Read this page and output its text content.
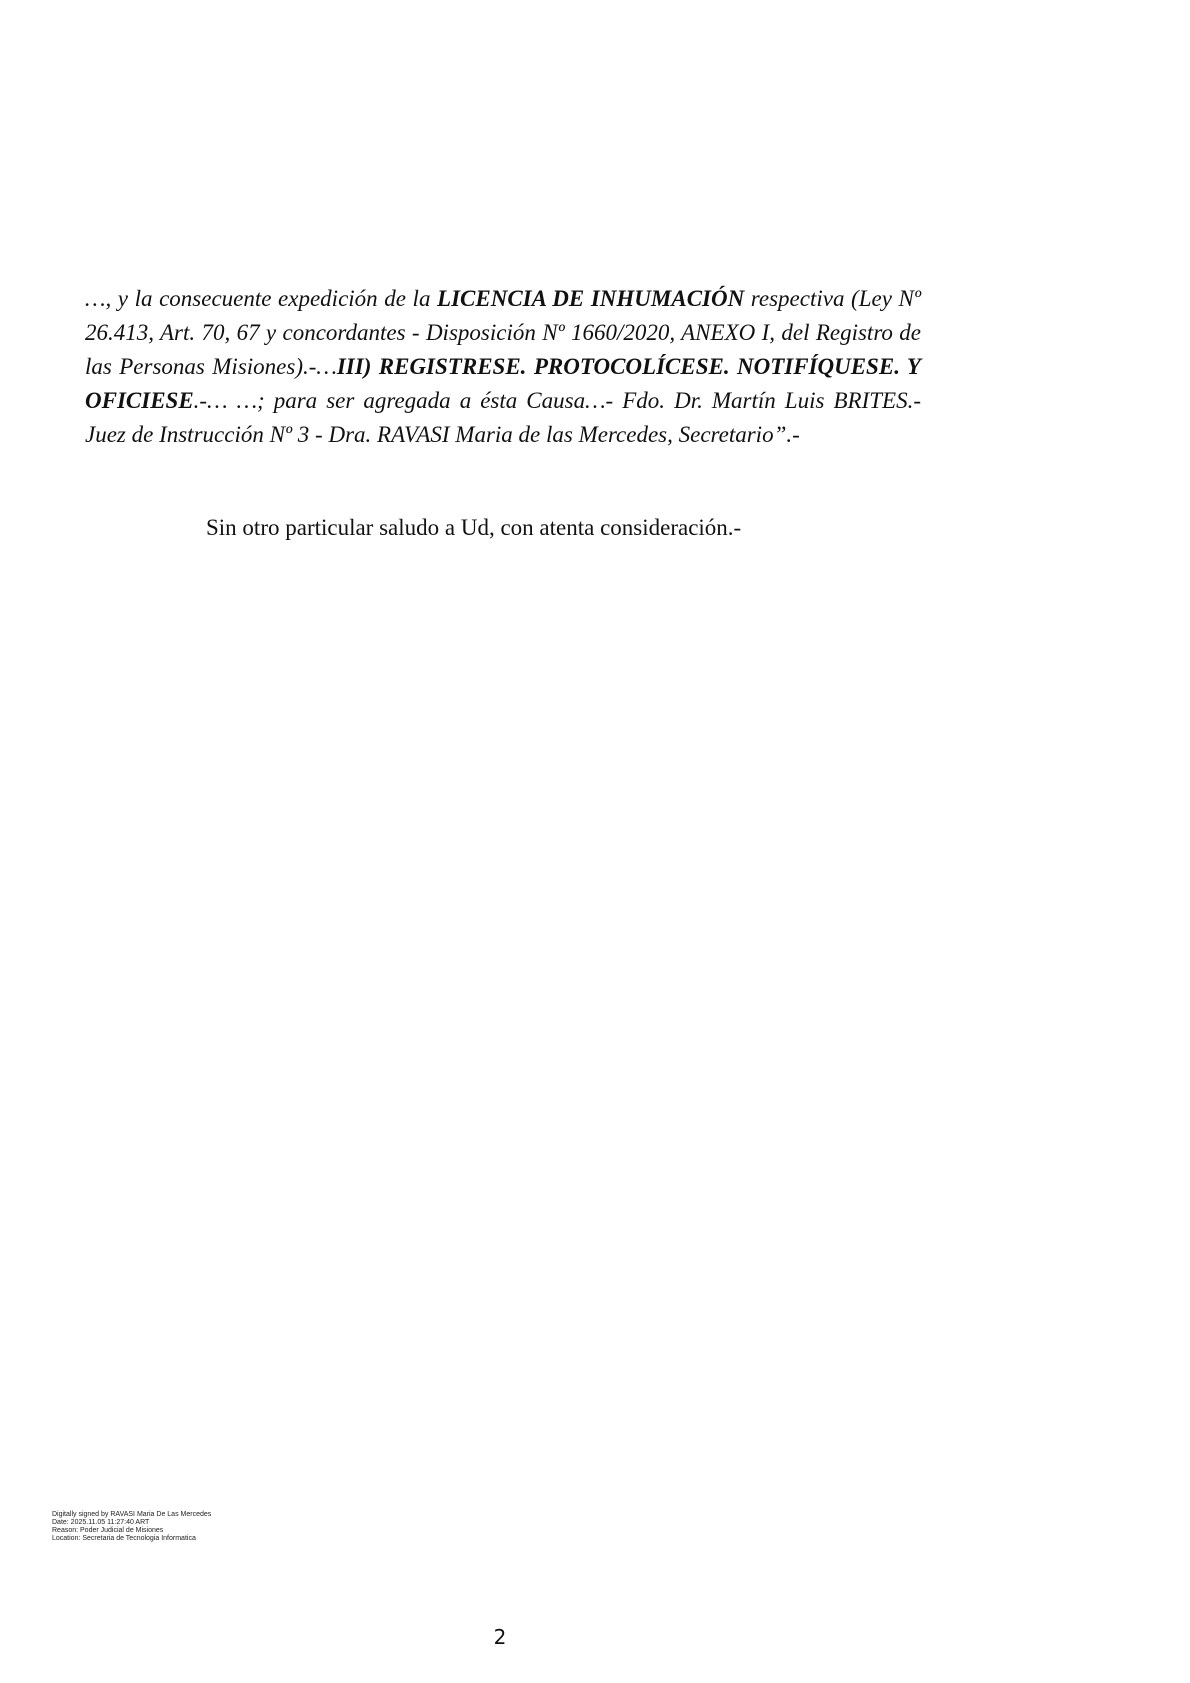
…, y la consecuente expedición de la LICENCIA DE INHUMACIÓN respectiva (Ley Nº 26.413, Art. 70, 67 y concordantes - Disposición Nº 1660/2020, ANEXO I, del Registro de las Personas Misiones).-…III) REGISTRESE. PROTOCOLÍCESE. NOTIFÍQUESE. Y OFICIESE.-… …; para ser agregada a ésta Causa…- Fdo. Dr. Martín Luis BRITES.- Juez de Instrucción Nº 3 - Dra. RAVASI Maria de las Mercedes, Secretario”.-

Sin otro particular saludo a Ud, con atenta consideración.-

Digitally signed by RAVASI Maria De Las Mercedes
Date: 2025.11.05 11:27:40 ART
Reason: Poder Judicial de Misiones
Location: Secretaria de Tecnologia Informatica
2
